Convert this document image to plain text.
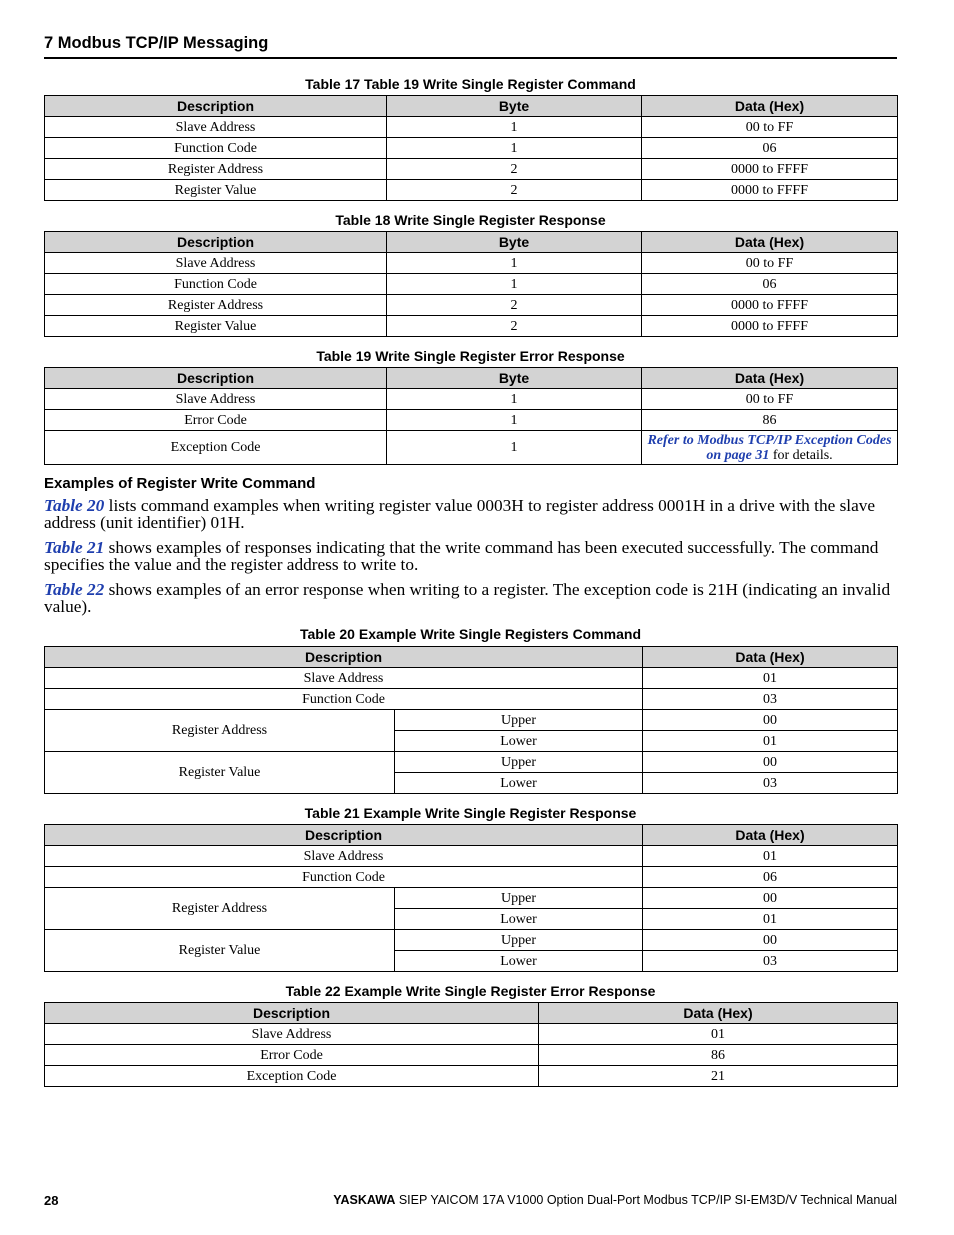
7 Modbus TCP/IP Messaging
Table 17 Table 19 Write Single Register Command
Description	Byte	Data (Hex)
Slave Address	1	00 to FF
Function Code	1	06
Register Address	2	0000 to FFFF
Register Value	2	0000 to FFFF
Table 18 Write Single Register Response
Description	Byte	Data (Hex)
Slave Address	1	00 to FF
Function Code	1	06
Register Address	2	0000 to FFFF
Register Value	2	0000 to FFFF
Table 19 Write Single Register Error Response
Description	Byte	Data (Hex)
Slave Address	1	00 to FF
Error Code	1	86
Exception Code	1	Refer to Modbus TCP/IP Exception Codes on page 31 for details.
Examples of Register Write Command
Table 20 lists command examples when writing register value 0003H to register address 0001H in a drive with the slave address (unit identifier) 01H.
Table 21 shows examples of responses indicating that the write command has been executed successfully. The command specifies the value and the register address to write to.
Table 22 shows examples of an error response when writing to a register. The exception code is 21H (indicating an invalid value).
Table 20 Example Write Single Registers Command
Description		Data (Hex)
Slave Address		01
Function Code		03
Register Address	Upper	00
	Lower	01
Register Value	Upper	00
	Lower	03
Table 21 Example Write Single Register Response
Description		Data (Hex)
Slave Address		01
Function Code		06
Register Address	Upper	00
	Lower	01
Register Value	Upper	00
	Lower	03
Table 22 Example Write Single Register Error Response
Description	Data (Hex)
Slave Address	01
Error Code	86
Exception Code	21
28	YASKAWA SIEP YAICOM 17A V1000 Option Dual-Port Modbus TCP/IP SI-EM3D/V Technical Manual
